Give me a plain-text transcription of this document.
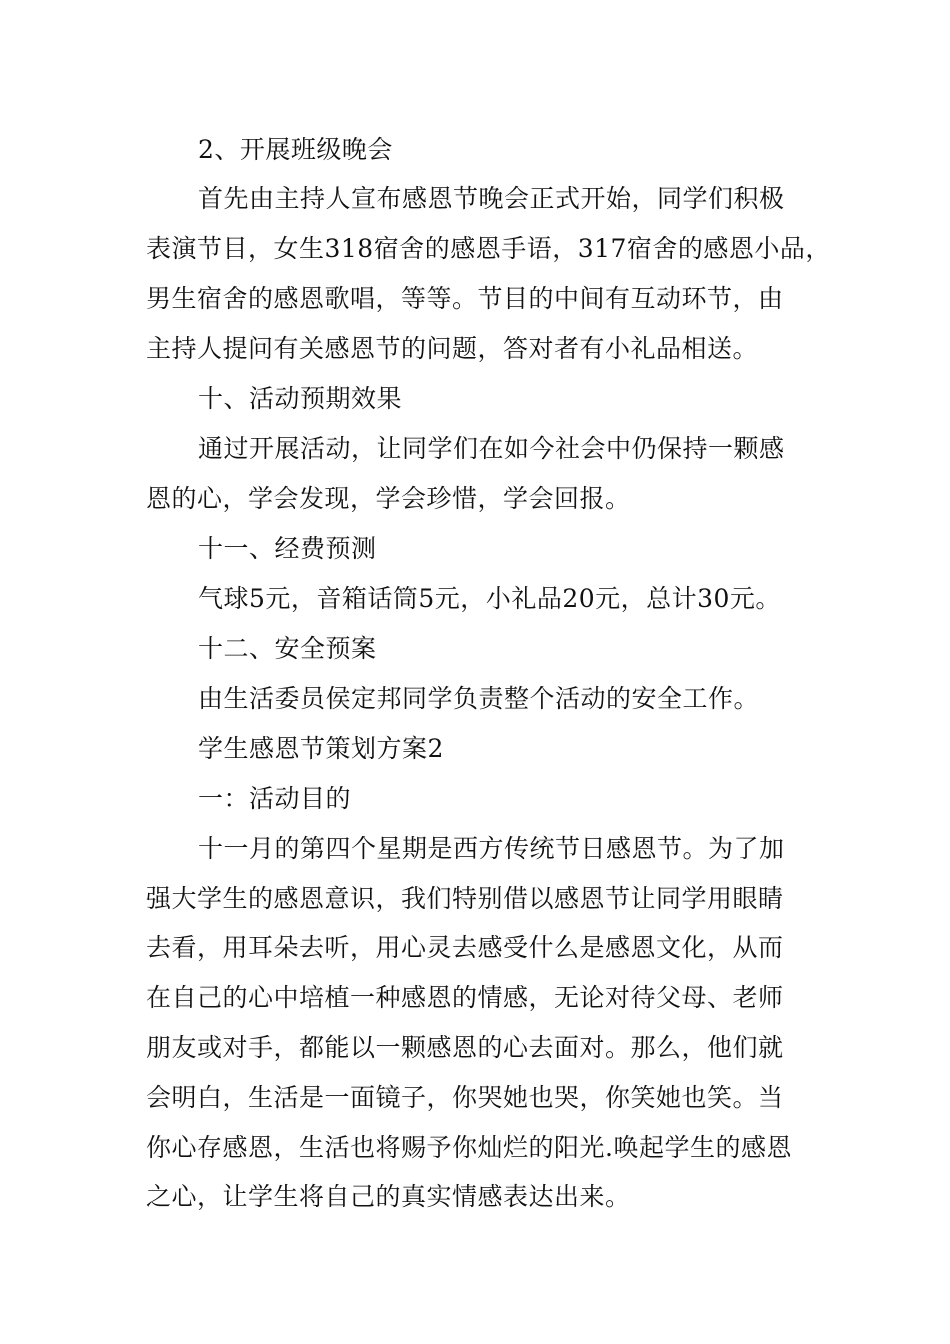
2、开展班级晚会
首先由主持人宣布感恩节晚会正式开始，同学们积极
表演节目，女生318宿舍的感恩手语，317宿舍的感恩小品，
男生宿舍的感恩歌唱，等等。节目的中间有互动环节，由
主持人提问有关感恩节的问题，答对者有小礼品相送。
十、活动预期效果
通过开展活动，让同学们在如今社会中仍保持一颗感
恩的心，学会发现，学会珍惜，学会回报。
十一、经费预测
气球5元，音箱话筒5元，小礼品20元，总计30元。
十二、安全预案
由生活委员侯定邦同学负责整个活动的安全工作。
学生感恩节策划方案2
一：活动目的
十一月的第四个星期是西方传统节日感恩节。为了加
强大学生的感恩意识，我们特别借以感恩节让同学用眼睛
去看，用耳朵去听，用心灵去感受什么是感恩文化，从而
在自己的心中培植一种感恩的情感，无论对待父母、老师
朋友或对手，都能以一颗感恩的心去面对。那么，他们就
会明白，生活是一面镜子，你哭她也哭，你笑她也笑。当
你心存感恩，生活也将赐予你灿烂的阳光.唤起学生的感恩
之心，让学生将自己的真实情感表达出来。
